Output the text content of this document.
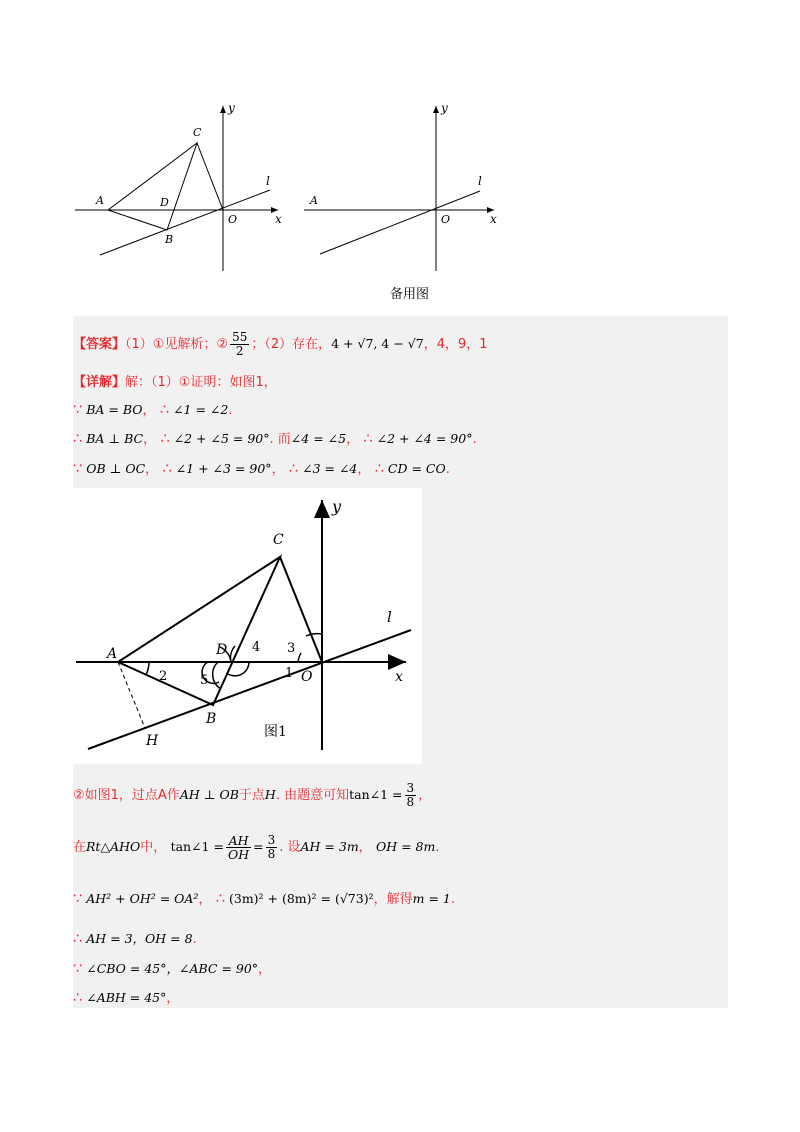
y
x
l
A
C
D
B
O
y
x
l
A
O
备用图
【答案】（1）①见解析；② $\frac{55}{2}$ ；（2）存在，4 + √7, 4 − √7，4，9，1
【详解】解：（1）①证明：如图1，
∵ BA = BO， ∴ ∠1 = ∠2.
∴ BA ⊥ BC， ∴ ∠2 + ∠5 = 90°. 而∠4 = ∠5， ∴ ∠2 + ∠4 = 90°.
∵ OB ⊥ OC， ∴ ∠1 + ∠3 = 90°， ∴ ∠3 = ∠4， ∴ CD = CO.
y
x
l
A
C
D
B
O
H
1
2
3
4
5
图1
②如图1，过点A作AH ⊥ OB于点H. 由题意可知tan∠1 = $\frac{3}{8}$ ，
在Rt△AHO中， tan∠1 = $\frac{AH}{OH} = \frac{3}{8}$ . 设AH = 3m， OH = 8m.
∵ AH² + OH² = OA²， ∴ (3m)² + (8m)² = (√73)²，解得m = 1.
∴ AH = 3，OH = 8.
∵ ∠CBO = 45°，∠ABC = 90°，
∴ ∠ABH = 45°，
